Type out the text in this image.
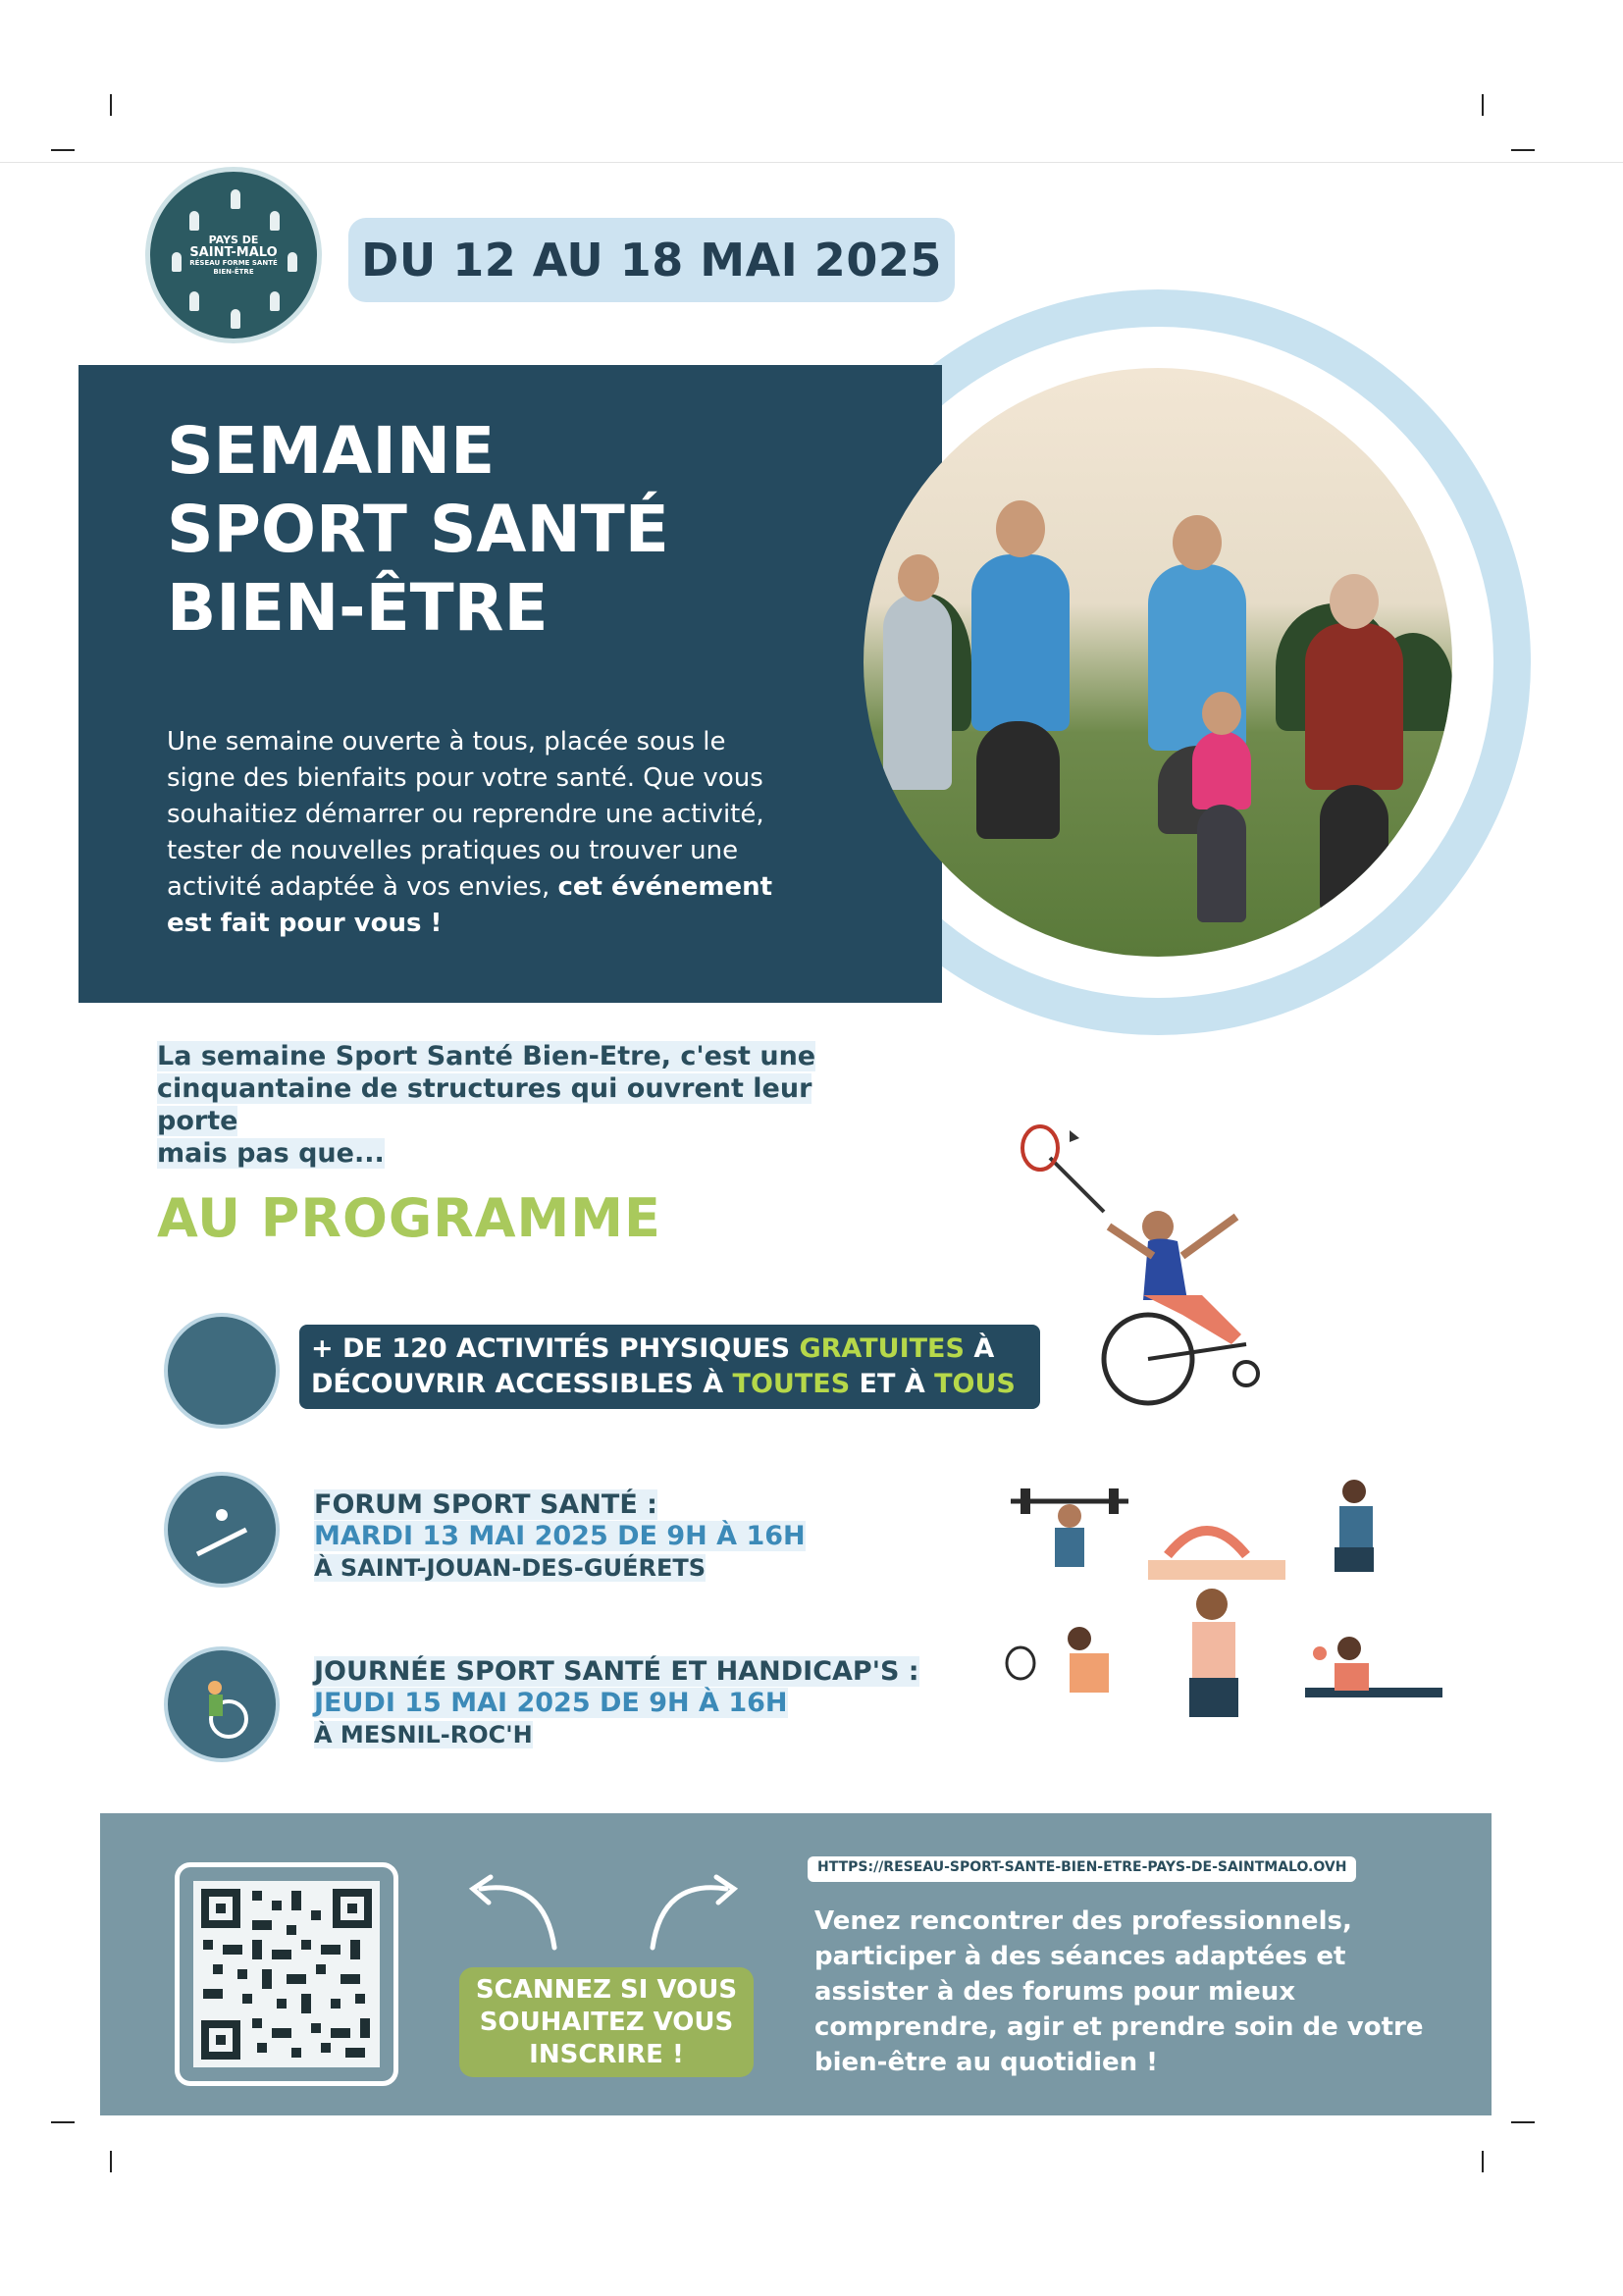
PAYS DE
SAINT-MALO
RÉSEAU FORME SANTÉ
BIEN-ÊTRE	DU 12 AU 18 MAI 2025
SEMAINE
SPORT SANTÉ
BIEN-ÊTRE
Une semaine ouverte à tous, placée sous le signe des bienfaits pour votre santé. Que vous souhaitiez démarrer ou reprendre une activité, tester de nouvelles pratiques ou trouver une activité adaptée à vos envies, cet événement est fait pour vous !
La semaine Sport Santé Bien-Etre, c'est une
cinquantaine de structures qui ouvrent leur porte
mais pas que...
AU PROGRAMME
+ DE 120 ACTIVITÉS PHYSIQUES GRATUITES À
DÉCOUVRIR ACCESSIBLES À TOUTES ET À TOUS
FORUM SPORT SANTÉ :
MARDI 13 MAI 2025 DE 9H À 16H
À SAINT-JOUAN-DES-GUÉRETS
JOURNÉE SPORT SANTÉ ET HANDICAP'S :
JEUDI 15 MAI 2025 DE 9H À 16H
À MESNIL-ROC'H
SCANNEZ SI VOUS
SOUHAITEZ VOUS
INSCRIRE !
HTTPS://RESEAU-SPORT-SANTE-BIEN-ETRE-PAYS-DE-SAINTMALO.OVH
Venez rencontrer des professionnels,
participer à des séances adaptées et
assister à des forums pour mieux
comprendre, agir et prendre soin de votre
bien-être au quotidien !
